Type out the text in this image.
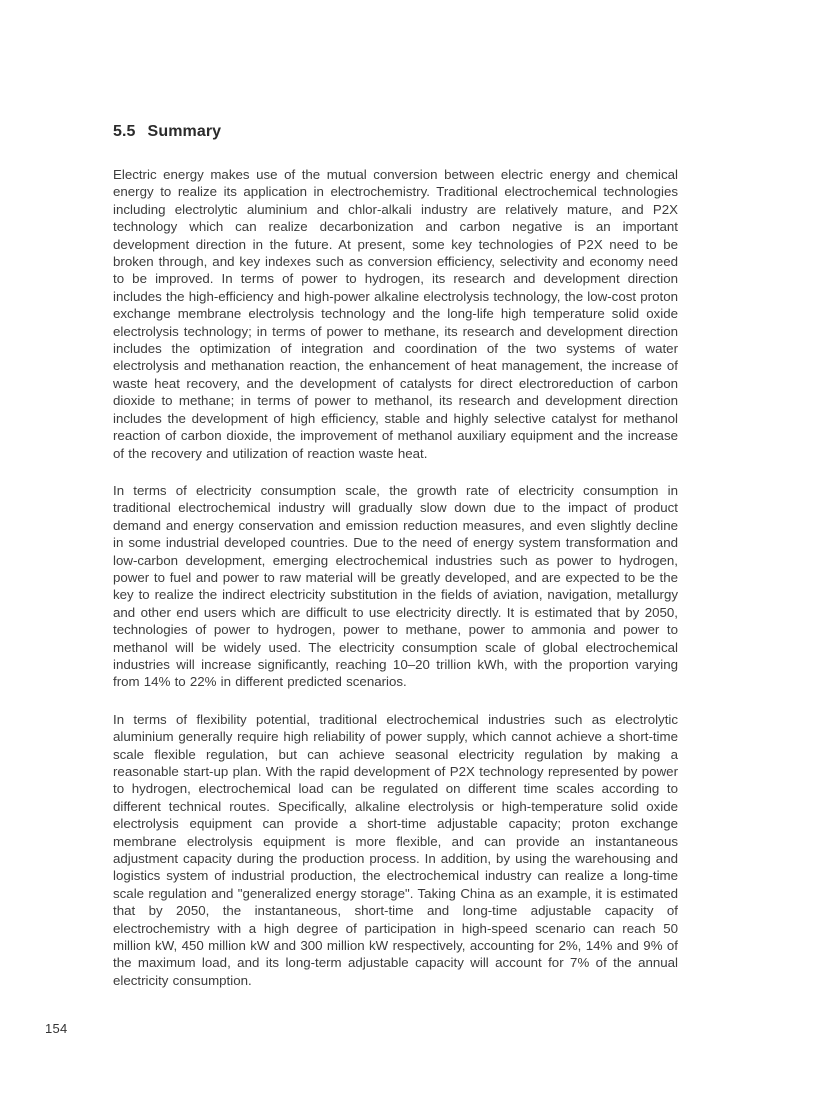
5.5 Summary

Electric energy makes use of the mutual conversion between electric energy and chemical energy to realize its application in electrochemistry. Traditional electrochemical technologies including electrolytic aluminium and chlor-alkali industry are relatively mature, and P2X technology which can realize decarbonization and carbon negative is an important development direction in the future. At present, some key technologies of P2X need to be broken through, and key indexes such as conversion efficiency, selectivity and economy need to be improved. In terms of power to hydrogen, its research and development direction includes the high-efficiency and high-power alkaline electrolysis technology, the low-cost proton exchange membrane electrolysis technology and the long-life high temperature solid oxide electrolysis technology; in terms of power to methane, its research and development direction includes the optimization of integration and coordination of the two systems of water electrolysis and methanation reaction, the enhancement of heat management, the increase of waste heat recovery, and the development of catalysts for direct electroreduction of carbon dioxide to methane; in terms of power to methanol, its research and development direction includes the development of high efficiency, stable and highly selective catalyst for methanol reaction of carbon dioxide, the improvement of methanol auxiliary equipment and the increase of the recovery and utilization of reaction waste heat.

In terms of electricity consumption scale, the growth rate of electricity consumption in traditional electrochemical industry will gradually slow down due to the impact of product demand and energy conservation and emission reduction measures, and even slightly decline in some industrial developed countries. Due to the need of energy system transformation and low-carbon development, emerging electrochemical industries such as power to hydrogen, power to fuel and power to raw material will be greatly developed, and are expected to be the key to realize the indirect electricity substitution in the fields of aviation, navigation, metallurgy and other end users which are difficult to use electricity directly. It is estimated that by 2050, technologies of power to hydrogen, power to methane, power to ammonia and power to methanol will be widely used. The electricity consumption scale of global electrochemical industries will increase significantly, reaching 10–20 trillion kWh, with the proportion varying from 14% to 22% in different predicted scenarios.

In terms of flexibility potential, traditional electrochemical industries such as electrolytic aluminium generally require high reliability of power supply, which cannot achieve a short-time scale flexible regulation, but can achieve seasonal electricity regulation by making a reasonable start-up plan. With the rapid development of P2X technology represented by power to hydrogen, electrochemical load can be regulated on different time scales according to different technical routes. Specifically, alkaline electrolysis or high-temperature solid oxide electrolysis equipment can provide a short-time adjustable capacity; proton exchange membrane electrolysis equipment is more flexible, and can provide an instantaneous adjustment capacity during the production process. In addition, by using the warehousing and logistics system of industrial production, the electrochemical industry can realize a long-time scale regulation and "generalized energy storage". Taking China as an example, it is estimated that by 2050, the instantaneous, short-time and long-time adjustable capacity of electrochemistry with a high degree of participation in high-speed scenario can reach 50 million kW, 450 million kW and 300 million kW respectively, accounting for 2%, 14% and 9% of the maximum load, and its long-term adjustable capacity will account for 7% of the annual electricity consumption.

154
